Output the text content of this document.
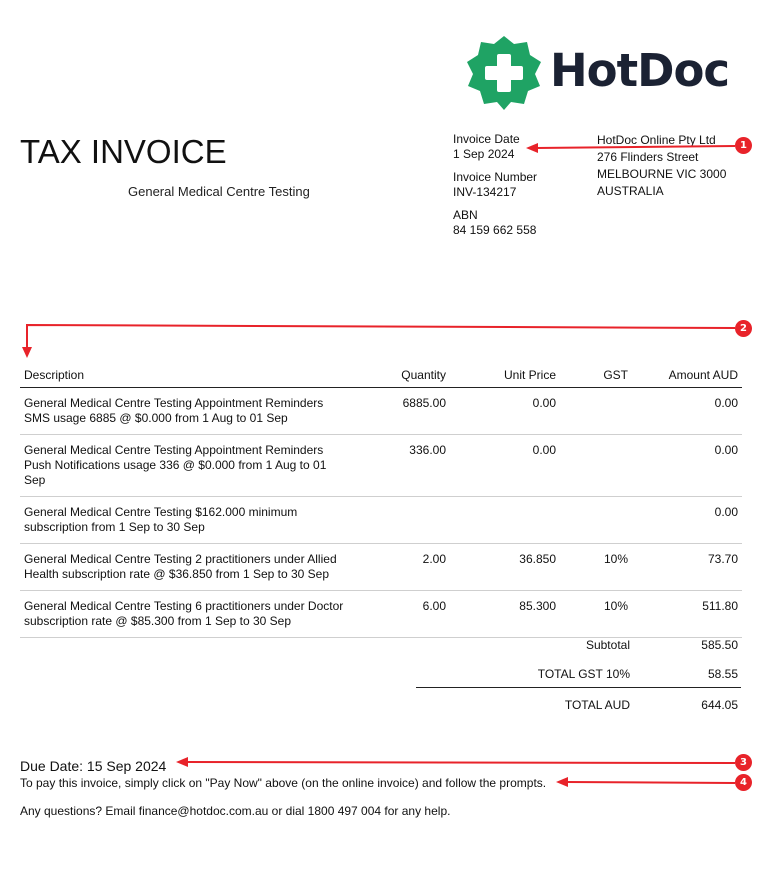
HotDoc
TAX INVOICE
General Medical Centre Testing
Invoice Date
1 Sep 2024
Invoice Number
INV-134217
ABN
84 159 662 558
HotDoc Online Pty Ltd
276 Flinders Street
MELBOURNE VIC 3000
AUSTRALIA
Description	Quantity	Unit Price	GST	Amount AUD
General Medical Centre Testing Appointment Reminders SMS usage 6885 @ $0.000 from 1 Aug to 01 Sep	6885.00	0.00		0.00
General Medical Centre Testing Appointment Reminders Push Notifications usage 336 @ $0.000 from 1 Aug to 01 Sep	336.00	0.00		0.00
General Medical Centre Testing $162.000 minimum subscription from 1 Sep to 30 Sep				0.00
General Medical Centre Testing 2 practitioners under Allied Health subscription rate @ $36.850 from 1 Sep to 30 Sep	2.00	36.850	10%	73.70
General Medical Centre Testing 6 practitioners under Doctor subscription rate @ $85.300 from 1 Sep to 30 Sep	6.00	85.300	10%	511.80
Subtotal	585.50
TOTAL GST 10%	58.55
TOTAL AUD	644.05
Due Date: 15 Sep 2024
To pay this invoice, simply click on "Pay Now" above (on the online invoice) and follow the prompts.
Any questions? Email finance@hotdoc.com.au or dial 1800 497 004 for any help.
1
2
3
4
